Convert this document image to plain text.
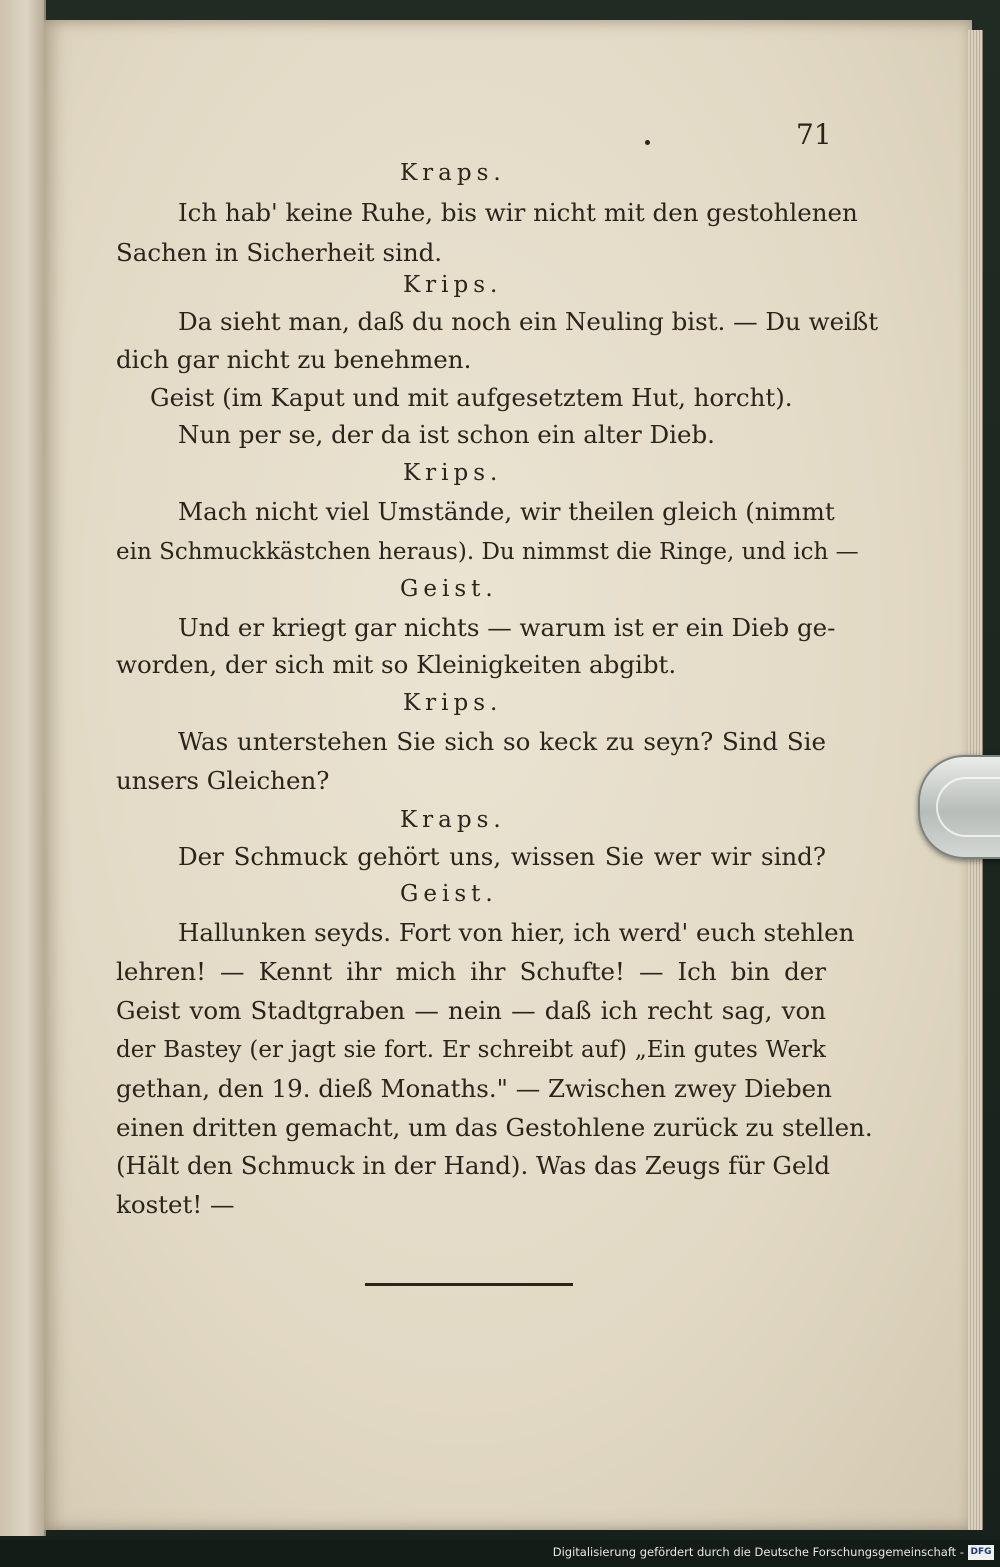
71
Kraps.
Ich hab' keine Ruhe, bis wir nicht mit den gestohlenen
Sachen in Sicherheit sind.
Krips.
Da sieht man, daß du noch ein Neuling bist. — Du weißt
dich gar nicht zu benehmen.
Geist (im Kaput und mit aufgesetztem Hut, horcht).
Nun per se, der da ist schon ein alter Dieb.
Krips.
Mach nicht viel Umstände, wir theilen gleich (nimmt
ein Schmuckkästchen heraus). Du nimmst die Ringe, und ich —
Geist.
Und er kriegt gar nichts — warum ist er ein Dieb ge-
worden, der sich mit so Kleinigkeiten abgibt.
Krips.
Was unterstehen Sie sich so keck zu seyn? Sind Sie
unsers Gleichen?
Kraps.
Der Schmuck gehört uns, wissen Sie wer wir sind?
Geist.
Hallunken seyds. Fort von hier, ich werd' euch stehlen
lehren! — Kennt ihr mich ihr Schufte! — Ich bin der
Geist vom Stadtgraben — nein — daß ich recht sag, von
der Bastey (er jagt sie fort. Er schreibt auf) „Ein gutes Werk
gethan, den 19. dieß Monaths." — Zwischen zwey Dieben
einen dritten gemacht, um das Gestohlene zurück zu stellen.
(Hält den Schmuck in der Hand). Was das Zeugs für Geld
kostet! —
Digitalisierung gefördert durch die Deutsche Forschungsgemeinschaft - DFG
